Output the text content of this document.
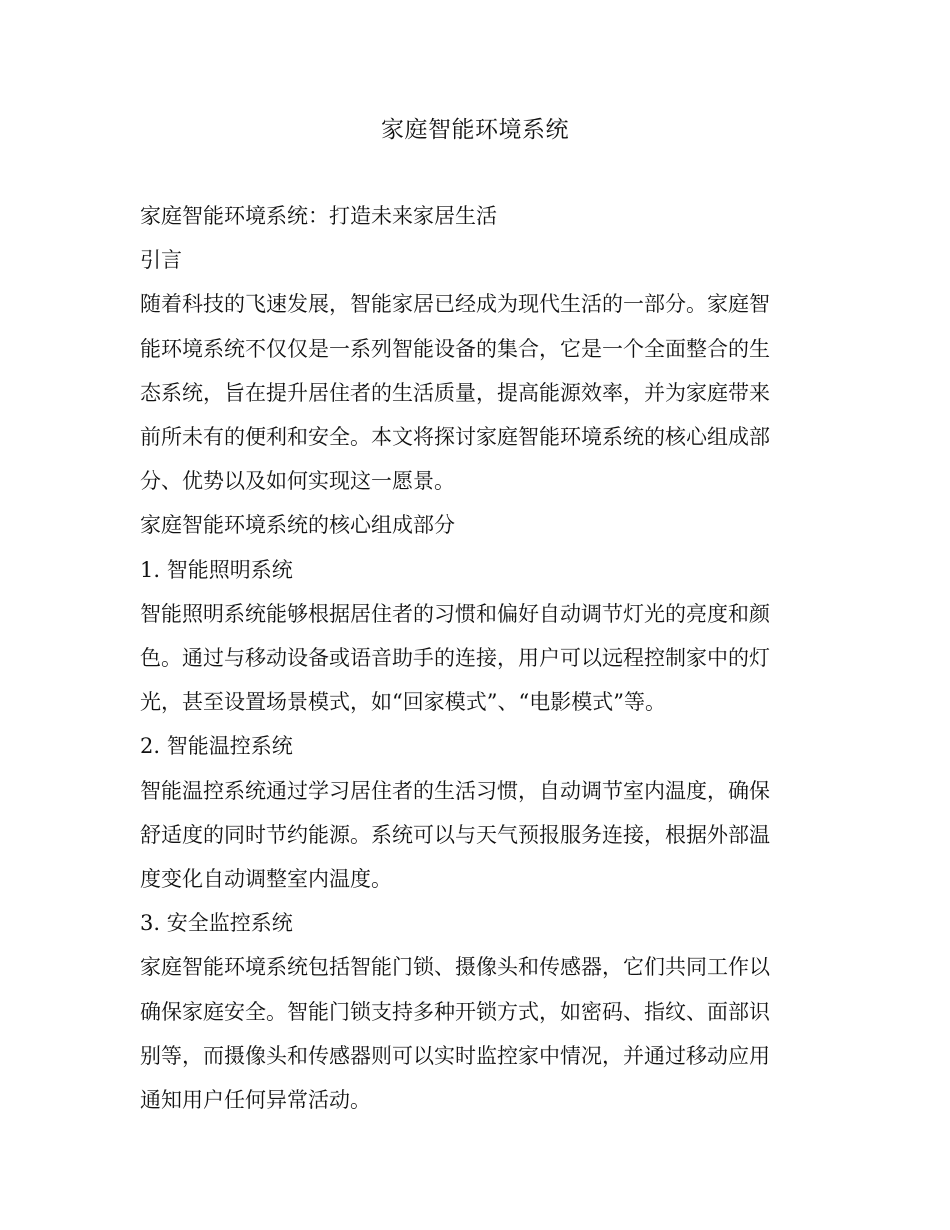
家庭智能环境系统

家庭智能环境系统：打造未来家居生活

引言

随着科技的飞速发展，智能家居已经成为现代生活的一部分。家庭智

能环境系统不仅仅是一系列智能设备的集合，它是一个全面整合的生

态系统，旨在提升居住者的生活质量，提高能源效率，并为家庭带来

前所未有的便利和安全。本文将探讨家庭智能环境系统的核心组成部

分、优势以及如何实现这一愿景。

家庭智能环境系统的核心组成部分

1. 智能照明系统

智能照明系统能够根据居住者的习惯和偏好自动调节灯光的亮度和颜

色。通过与移动设备或语音助手的连接，用户可以远程控制家中的灯

光，甚至设置场景模式，如“回家模式”、“电影模式”等。

2. 智能温控系统

智能温控系统通过学习居住者的生活习惯，自动调节室内温度，确保

舒适度的同时节约能源。系统可以与天气预报服务连接，根据外部温

度变化自动调整室内温度。

3. 安全监控系统

家庭智能环境系统包括智能门锁、摄像头和传感器，它们共同工作以

确保家庭安全。智能门锁支持多种开锁方式，如密码、指纹、面部识

别等，而摄像头和传感器则可以实时监控家中情况，并通过移动应用

通知用户任何异常活动。
